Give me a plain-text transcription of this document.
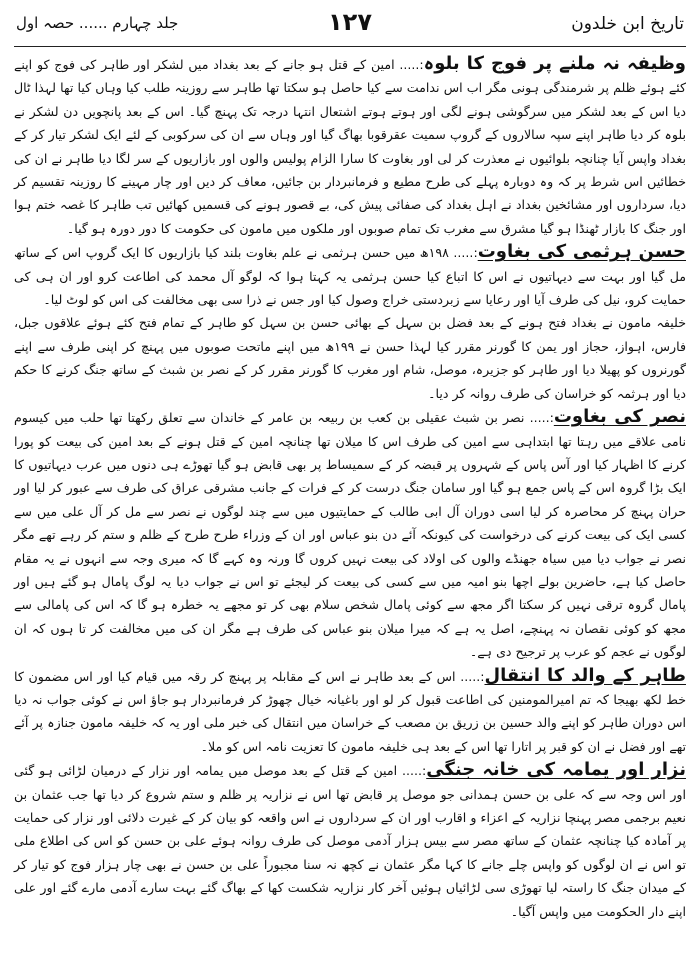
تاریخ ابن خلدون
۱۲۷
جلد چہارم ...... حصہ اول

وظیفہ نہ ملنے پر فوج کا بلوہ:..... امین کے قتل ہو جانے کے بعد بغداد میں لشکر اور طاہر کی فوج کو اپنے کئے ہوئے ظلم پر شرمندگی ہونی مگر اب اس ندامت سے کیا حاصل ہو سکتا تھا طاہر سے روزینہ طلب کیا وہاں کیا تھا لہذا ٹال دیا اس کے بعد لشکر میں سرگوشی ہونے لگی اور ہوتے ہوتے اشتعال انتہا درجہ تک پہنچ گیا۔ اس کے بعد پانچویں دن لشکر نے بلوہ کر دیا طاہر اپنے سپہ سالاروں کے گروپ سمیت عقرقوبا بھاگ گیا اور وہاں سے ان کی سرکوبی کے لئے ایک لشکر تیار کر کے بغداد واپس آیا چنانچہ بلوائیوں نے معذرت کر لی اور بغاوت کا سارا الزام پولیس والوں اور بازاریوں کے سر لگا دیا طاہر نے ان کی خطائیں اس شرط پر کہ وہ دوبارہ پہلے کی طرح مطیع و فرمانبردار بن جائیں، معاف کر دیں اور چار مہینے کا روزینہ تقسیم کر دیا، سرداروں اور مشائخین بغداد نے اہل بغداد کی صفائی پیش کی، بے قصور ہونے کی قسمیں کھائیں تب طاہر کا غصہ ختم ہوا اور جنگ کا بازار ٹھنڈا ہو گیا مشرق سے مغرب تک تمام صوبوں اور ملکوں میں مامون کی حکومت کا دور دورہ ہو گیا۔

حسن ہرثمی کی بغاوت:..... ۱۹۸ھ میں حسن ہرثمی نے علم بغاوت بلند کیا بازاریوں کا ایک گروپ اس کے ساتھ مل گیا اور بہت سے دیہاتیوں نے اس کا اتباع کیا حسن ہرثمی یہ کہتا ہوا کہ لوگو آل محمد کی اطاعت کرو اور ان ہی کی حمایت کرو، نیل کی طرف آیا اور رعایا سے زبردستی خراج وصول کیا اور جس نے ذرا سی بھی مخالفت کی اس کو لوٹ لیا۔

خلیفہ مامون نے بغداد فتح ہونے کے بعد فضل بن سہل کے بھائی حسن بن سہل کو طاہر کے تمام فتح کئے ہوئے علاقوں جبل، فارس، اہواز، حجاز اور یمن کا گورنر مقرر کیا لہذا حسن نے ۱۹۹ھ میں اپنے ماتحت صوبوں میں پہنچ کر اپنی طرف سے اپنے گورنروں کو پھیلا دیا اور طاہر کو جزیرہ، موصل، شام اور مغرب کا گورنر مقرر کر کے نصر بن شبث کے ساتھ جنگ کرنے کا حکم دیا اور ہرثمہ کو خراسان کی طرف روانہ کر دیا۔

نصر کی بغاوت:..... نصر بن شبث عقیلی بن کعب بن ربیعہ بن عامر کے خاندان سے تعلق رکھتا تھا حلب میں کیسوم نامی علاقے میں رہتا تھا ابتداہی سے امین کی طرف اس کا میلان تھا چنانچہ امین کے قتل ہونے کے بعد امین کی بیعت کو پورا کرنے کا اظہار کیا اور آس پاس کے شہروں پر قبضہ کر کے سمیساط پر بھی قابض ہو گیا تھوڑے ہی دنوں میں عرب دیہاتیوں کا ایک بڑا گروہ اس کے پاس جمع ہو گیا اور سامان جنگ درست کر کے فرات کے جانب مشرقی عراق کی طرف سے عبور کر لیا اور حران پہنچ کر محاصرہ کر لیا اسی دوران آل ابی طالب کے حمایتیوں میں سے چند لوگوں نے نصر سے مل کر آل علی میں سے کسی ایک کی بیعت کرنے کی درخواست کی کیونکہ آئے دن بنو عباس اور ان کے وزراء طرح طرح کے ظلم و ستم کر رہے تھے مگر نصر نے جواب دیا میں سیاہ جھنڈے والوں کی اولاد کی بیعت نہیں کروں گا ورنہ وہ کہے گا کہ میری وجہ سے انہوں نے یہ مقام حاصل کیا ہے، حاضرین بولے اچھا بنو امیہ میں سے کسی کی بیعت کر لیجئے تو اس نے جواب دیا یہ لوگ پامال ہو گئے ہیں اور پامال گروہ ترقی نہیں کر سکتا اگر مجھ سے کوئی پامال شخص سلام بھی کر تو مجھے یہ خطرہ ہو گا کہ اس کی پامالی سے مجھ کو کوئی نقصان نہ پہنچے، اصل یہ ہے کہ میرا میلان بنو عباس کی طرف ہے مگر ان کی میں مخالفت کر تا ہوں کہ ان لوگوں نے عجم کو عرب پر ترجیح دی ہے۔

طاہر کے والد کا انتقال:..... اس کے بعد طاہر نے اس کے مقابلہ پر پہنچ کر رقہ میں قیام کیا اور اس مضمون کا خط لکھ بھیجا کہ تم امیرالمومنین کی اطاعت قبول کر لو اور باغیانہ خیال چھوڑ کر فرمانبردار ہو جاؤ اس نے کوئی جواب نہ دیا اس دوران طاہر کو اپنے والد حسین بن زریق بن مصعب کے خراسان میں انتقال کی خبر ملی اور یہ کہ خلیفہ مامون جنازہ پر آئے تھے اور فضل نے ان کو قبر پر اتارا تھا اس کے بعد ہی خلیفہ مامون کا تعزیت نامہ اس کو ملا۔

نزار اور یمامہ کی خانہ جنگی:..... امین کے قتل کے بعد موصل میں یمامہ اور نزار کے درمیان لڑائی ہو گئی اور اس وجہ سے کہ علی بن حسن ہمدانی جو موصل پر قابض تھا اس نے نزاریہ پر ظلم و ستم شروع کر دیا تھا جب عثمان بن نعیم برجمی مصر پہنچا نزاریہ کے اعزاء و اقارب اور ان کے سرداروں نے اس واقعہ کو بیان کر کے غیرت دلائی اور نزار کی حمایت پر آمادہ کیا چنانچہ عثمان کے ساتھ مصر سے بیس ہزار آدمی موصل کی طرف روانہ ہوئے علی بن حسن کو اس کی اطلاع ملی تو اس نے ان لوگوں کو واپس چلے جانے کا کہا مگر عثمان نے کچھ نہ سنا مجبوراً علی بن حسن نے بھی چار ہزار فوج کو تیار کر کے میدان جنگ کا راستہ لیا تھوڑی سی لڑائیاں ہوئیں آخر کار نزاریہ شکست کھا کے بھاگ گئے بہت سارے آدمی مارے گئے اور علی اپنے دار الحکومت میں واپس آگیا۔
